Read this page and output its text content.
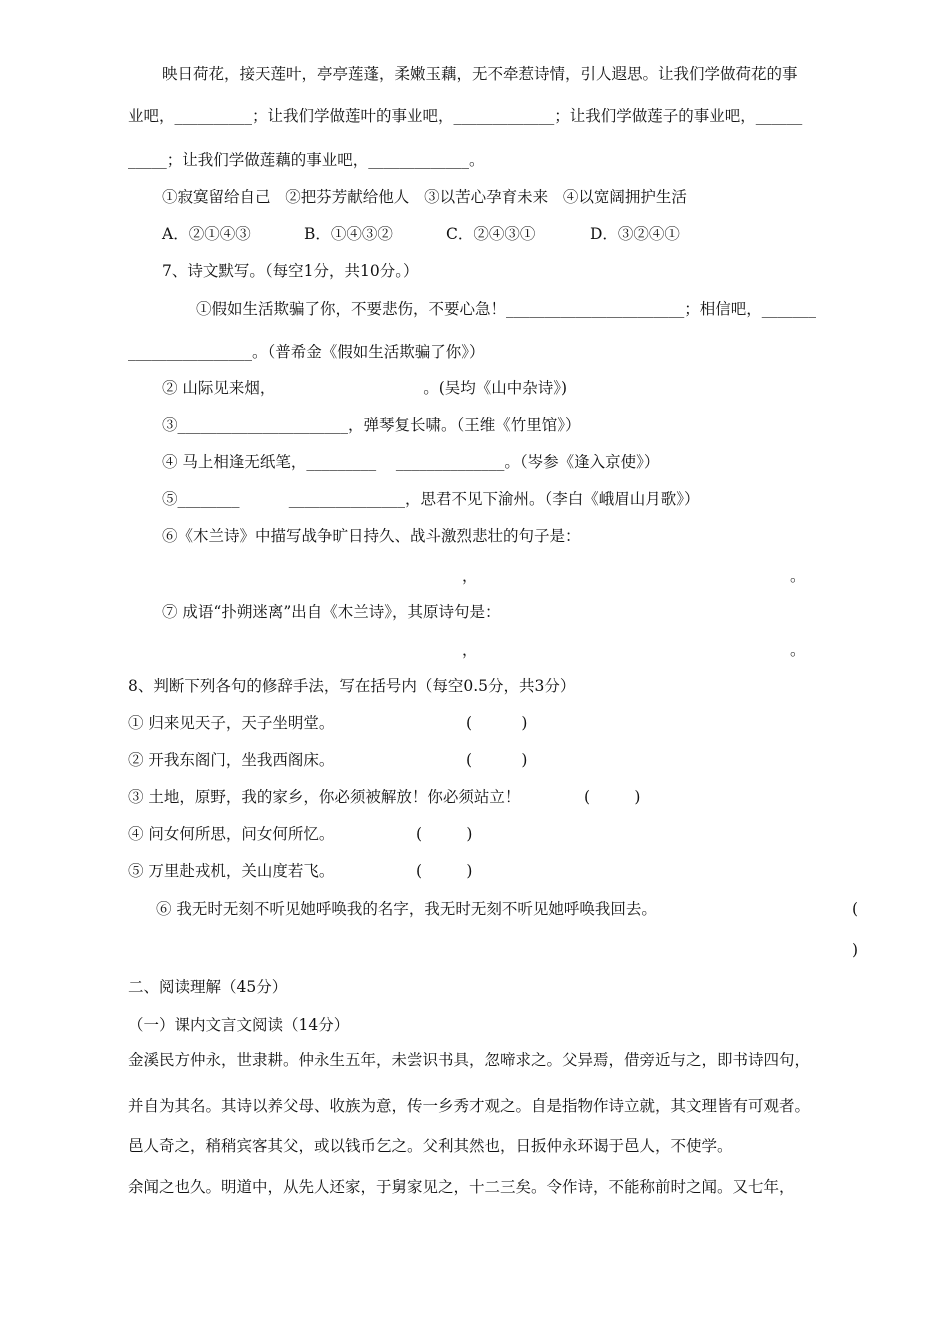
映日荷花，接天莲叶，亭亭莲蓬，柔嫩玉藕，无不牵惹诗情，引人遐思。让我们学做荷花的事
业吧，__________；让我们学做莲叶的事业吧，_____________；让我们学做莲子的事业吧，______
_____；让我们学做莲藕的事业吧，_____________。
①寂寞留给自己   ②把芬芳献给他人   ③以苦心孕育未来   ④以宽阔拥护生活
A．②①④③	B．①④③②	C．②④③①	D．③②④①
7、诗文默写。（每空1分，共10分。）
①假如生活欺骗了你，不要悲伤，不要心急！_______________________；相信吧，_______
________________。（普希金《假如生活欺骗了你》）
② 山际见来烟，                              。(吴均《山中杂诗》)
③______________________，弹琴复长啸。（王维《竹里馆》）
④ 马上相逢无纸笔，_________    ______________。（岑参《逢入京使》）
⑤________          _______________，思君不见下渝州。（李白《峨眉山月歌》）
⑥《木兰诗》中描写战争旷日持久、战斗激烈悲壮的句子是：
，	。
⑦ 成语“扑朔迷离”出自《木兰诗》，其原诗句是：
，	。
8、判断下列各句的修辞手法，写在括号内（每空0.5分，共3分）
① 归来见天子，天子坐明堂。	(          )
② 开我东阁门，坐我西阁床。	(          )
③ 土地，原野，我的家乡，你必须被解放！你必须站立！	(         )
④ 问女何所思，问女何所忆。	(         )
⑤ 万里赴戎机，关山度若飞。	(         )
⑥ 我无时无刻不听见她呼唤我的名字，我无时无刻不听见她呼唤我回去。	(
)
二、阅读理解（45分）
（一）课内文言文阅读（14分）
金溪民方仲永，世隶耕。仲永生五年，未尝识书具，忽啼求之。父异焉，借旁近与之，即书诗四句，
并自为其名。其诗以养父母、收族为意，传一乡秀才观之。自是指物作诗立就，其文理皆有可观者。
邑人奇之，稍稍宾客其父，或以钱币乞之。父利其然也，日扳仲永环谒于邑人，不使学。
余闻之也久。明道中，从先人还家，于舅家见之，十二三矣。令作诗，不能称前时之闻。又七年，
